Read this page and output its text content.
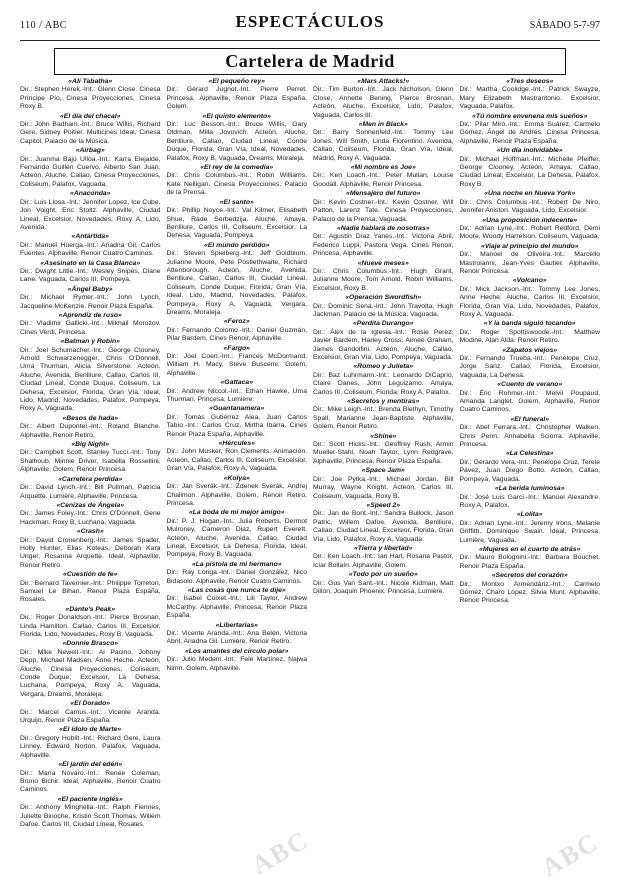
110 / ABC	ESPECTÁCULOS	SÁBADO 5-7-97
Cartelera de Madrid
«Ali Tabatha»
Dir.: Stephen Herek.-Int.: Glenn Close. Cinesa Príncipe Pío, Cinesa Proyecciones, Cinesa Roxy B.
«El día del chacal»
Dir.: John Badham.-Int.: Bruce Willis, Richard Gere, Sidney Poitier. Multicines Ideal, Cinesa Capitol, Palacio de la Música.
«Airbag»
Dir.: Juanma Bajo Ulloa.-Int.: Karra Elejalde, Fernando Guillén Cuervo, Alberto San Juan. Acteón, Aluche, Callao, Cinesa Proyecciones, Coliseum, Palafox, Vaguada.
«Anaconda»
Dir.: Luis Llosa.-Int.: Jennifer Lopez, Ice Cube, Jon Voight, Eric Stoltz. Alphaville, Ciudad Lineal, Excelsior, Novedades, Roxy A, Lido, Avenida.
«Antártida»
Dir.: Manuel Huerga.-Int.: Ariadna Gil, Carlos Fuentes. Alphaville, Renoir Cuatro Caminos.
«Asesinato en la Casa Blanca»
Dir.: Dwight Little.-Int.: Wesley Snipes, Diane Lane. Vaguada, Carlos III, Pompeya.
«Ángel Baby»
Dir.: Michael Rymer.-Int.: John Lynch, Jacqueline McKenzie. Renoir Plaza España.
«Aprendiz de ruso»
Dir.: Vladimir Gallicki.-Int.: Mikhail Morozov. Cines Verdi, Princesa.
«Batman y Robin»
Dir.: Joel Schumacher.-Int.: George Clooney, Arnold Schwarzenegger, Chris O'Donnell, Uma Thurman, Alicia Silverstone. Acteón, Aluche, Avenida, Benlliure, Callao, Carlos III, Ciudad Lineal, Conde Duque, Coliseum, La Dehesa, Excelsior, Florida, Gran Vía, Ideal, Lido, Madrid, Novedades, Palafox, Pompeya, Roxy A, Vaguada.
«Besos de hada»
Dir.: Albert Dupontel.-Int.: Roland Blanche. Alphaville, Renoir Retiro.
«Big Night»
Dir.: Campbell Scott, Stanley Tucci.-Int.: Tony Shalhoub, Minnie Driver, Isabella Rossellini. Alphaville, Golem, Renoir Princesa.
«Carretera perdida»
Dir.: David Lynch.-Int.: Bill Pullman, Patricia Arquette. Lumière, Alphaville, Princesa.
«Cenizas de Ángela»
Dir.: James Foley.-Int.: Chris O'Donnell, Gene Hackman. Roxy B, Luchana, Vaguada.
«Crash»
Dir.: David Cronenberg.-Int.: James Spader, Holly Hunter, Elias Koteas, Deborah Kara Unger, Rosanna Arquette. Ideal, Alphaville, Renoir Retiro.
«Cuestión de fe»
Dir.: Bernard Tavernier.-Int.: Philippe Torreton, Samuel Le Bihan. Renoir Plaza España, Rosales.
«Dante's Peak»
Dir.: Roger Donaldson.-Int.: Pierce Brosnan, Linda Hamilton. Callao, Carlos III, Excelsior, Florida, Lido, Novedades, Roxy B, Vaguada.
«Donnie Brasco»
Dir.: Mike Newell.-Int.: Al Pacino, Johnny Depp, Michael Madsen, Anne Heche. Acteón, Aluche, Cinesa Proyecciones, Coliseum, Conde Duque, Excelsior, La Dehesa, Luchana, Pompeya, Roxy A, Vaguada, Vergara, Dreams, Moraleja.
«El Dorado»
Dir.: Marcel Camus.-Int.: Vicente Aranda. Urquijo, Renoir Plaza España.
«El ídolo de Marte»
Dir.: Gregory Hoblit.-Int.: Richard Gere, Laura Linney, Edward Norton. Palafox, Vaguada, Alphaville.
«El jardín del edén»
Dir.: María Novaro.-Int.: Renée Coleman, Bruno Bichir. Ideal, Alphaville, Renoir Cuatro Caminos.
«El paciente inglés»
Dir.: Anthony Minghella.-Int.: Ralph Fiennes, Juliette Binoche, Kristin Scott Thomas, Willem Dafoe. Carlos III, Ciudad Lineal, Rosales.
«El pequeño rey»
Dir.: Gérard Jugnot.-Int.: Pierre Perret. Princesa, Alphaville, Renoir Plaza España, Golem.
«El quinto elemento»
Dir.: Luc Besson.-Int.: Bruce Willis, Gary Oldman, Milla Jovovich. Acteón, Aluche, Benlliure, Callao, Ciudad Lineal, Conde Duque, Florida, Gran Vía, Ideal, Novedades, Palafox, Roxy B, Vaguada, Dreams, Moraleja.
«El rey de la comedia»
Dir.: Chris Columbus.-Int.: Robin Williams, Kate Nelligan. Cinesa Proyecciones, Palacio de la Prensa.
«El santo»
Dir.: Phillip Noyce.-Int.: Val Kilmer, Elisabeth Shue, Rade Serbedzija. Aluche, Amaya, Benlliure, Carlos III, Coliseum, Excelsior, La Dehesa, Vaguada, Pompeya.
«El mundo perdido»
Dir.: Steven Spielberg.-Int.: Jeff Goldblum, Julianne Moore, Pete Postlethwaite, Richard Attenborough. Acteón, Aluche, Avenida, Benlliure, Callao, Carlos III, Ciudad Lineal, Coliseum, Conde Duque, Florida, Gran Vía, Ideal, Lido, Madrid, Novedades, Palafox, Pompeya, Roxy A, Vaguada, Vergara, Dreams, Moraleja.
«Feroz»
Dir.: Fernando Colomo.-Int.: Daniel Guzmán, Pilar Bardem. Cines Renoir, Alphaville.
«Fargo»
Dir.: Joel Coen.-Int.: Frances McDormand, William H. Macy, Steve Buscemi. Golem, Alphaville.
«Gattaca»
Dir.: Andrew Niccol.-Int.: Ethan Hawke, Uma Thurman. Princesa, Lumière.
«Guantanamera»
Dir.: Tomás Gutiérrez Alea, Juan Carlos Tabío.-Int.: Carlos Cruz, Mirtha Ibarra. Cines Renoir Plaza España, Alphaville.
«Hércules»
Dir.: John Musker, Ron Clements. Animación. Acteón, Callao, Carlos III, Coliseum, Excelsior, Gran Vía, Palafox, Roxy A, Vaguada.
«Kolya»
Dir.: Jan Sverák.-Int.: Zdenek Sverák, Andrej Chalimon. Alphaville, Golem, Renoir Retiro, Princesa.
«La boda de mi mejor amigo»
Dir.: P. J. Hogan.-Int.: Julia Roberts, Dermot Mulroney, Cameron Diaz, Rupert Everett. Acteón, Aluche, Avenida, Callao, Ciudad Lineal, Excelsior, La Dehesa, Florida, Ideal, Pompeya, Roxy B, Vaguada.
«La pistola de mi hermano»
Dir.: Ray Loriga.-Int.: Daniel González, Nico Bidasolo. Alphaville, Renoir Cuatro Caminos.
«Las cosas que nunca te dije»
Dir.: Isabel Coixet.-Int.: Lili Taylor, Andrew McCarthy. Alphaville, Princesa, Renoir Plaza España.
«Libertarias»
Dir.: Vicente Aranda.-Int.: Ana Belén, Victoria Abril, Ariadna Gil. Lumière, Renoir Retiro.
«Los amantes del círculo polar»
Dir.: Julio Medem.-Int.: Fele Martínez, Najwa Nimri. Golem, Alphaville.
«Mars Attacks!»
Dir.: Tim Burton.-Int.: Jack Nicholson, Glenn Close, Annette Bening, Pierce Brosnan. Acteón, Aluche, Excelsior, Lido, Palafox, Vaguada, Carlos III.
«Men in Black»
Dir.: Barry Sonnenfeld.-Int.: Tommy Lee Jones, Will Smith, Linda Fiorentino. Avenida, Callao, Coliseum, Florida, Gran Vía, Ideal, Madrid, Roxy A, Vaguada.
«Mi nombre es Joe»
Dir.: Ken Loach.-Int.: Peter Mullan, Louise Goodall. Alphaville, Renoir Princesa.
«Mensajero del futuro»
Dir.: Kevin Costner.-Int.: Kevin Costner, Will Patton, Larenz Tate. Cinesa Proyecciones, Palacio de la Prensa, Vaguada.
«Nadie hablará de nosotras»
Dir.: Agustín Díaz Yanes.-Int.: Victoria Abril, Federico Luppi, Pastora Vega. Cines Renoir, Princesa, Alphaville.
«Nueve meses»
Dir.: Chris Columbus.-Int.: Hugh Grant, Julianne Moore, Tom Arnold, Robin Williams. Excelsior, Roxy B.
«Operación Swordfish»
Dir.: Dominic Sena.-Int.: John Travolta, Hugh Jackman. Palacio de la Música, Vaguada.
«Perdita Durango»
Dir.: Álex de la Iglesia.-Int.: Rosie Perez, Javier Bardem, Harley Cross, Aimee Graham, James Gandolfini. Acteón, Aluche, Callao, Excelsior, Gran Vía, Lido, Pompeya, Vaguada.
«Romeo y Julieta»
Dir.: Baz Luhrmann.-Int.: Leonardo DiCaprio, Claire Danes, John Leguizamo. Amaya, Carlos III, Coliseum, Florida, Roxy A, Palafox.
«Secretos y mentiras»
Dir.: Mike Leigh.-Int.: Brenda Blethyn, Timothy Spall, Marianne Jean-Baptiste. Alphaville, Golem, Renoir Retiro.
«Shine»
Dir.: Scott Hicks.-Int.: Geoffrey Rush, Armin Mueller-Stahl, Noah Taylor, Lynn Redgrave. Alphaville, Princesa, Renoir Plaza España.
«Space Jam»
Dir.: Joe Pytka.-Int.: Michael Jordan, Bill Murray, Wayne Knight. Acteón, Carlos III, Coliseum, Vaguada, Roxy B.
«Speed 2»
Dir.: Jan de Bont.-Int.: Sandra Bullock, Jason Patric, Willem Dafoe. Avenida, Benlliure, Callao, Ciudad Lineal, Excelsior, Florida, Gran Vía, Lido, Palafox, Roxy A, Vaguada.
«Tierra y libertad»
Dir.: Ken Loach.-Int.: Ian Hart, Rosana Pastor, Icíar Bollaín. Alphaville, Golem.
«Todo por un sueño»
Dir.: Gus Van Sant.-Int.: Nicole Kidman, Matt Dillon, Joaquin Phoenix. Princesa, Lumière.
«Tres deseos»
Dir.: Martha Coolidge.-Int.: Patrick Swayze, Mary Elizabeth Mastrantonio. Excelsior, Vaguada, Palafox.
«Tú nombre envenena mis sueños»
Dir.: Pilar Miró.-Int.: Emma Suárez, Carmelo Gómez, Ángel de Andrés. Cinesa Princesa, Alphaville, Renoir Plaza España.
«Un día inolvidable»
Dir.: Michael Hoffman.-Int.: Michelle Pfeiffer, George Clooney. Acteón, Amaya, Callao, Ciudad Lineal, Excelsior, La Dehesa, Palafox, Roxy B.
«Una noche en Nueva York»
Dir.: Chris Columbus.-Int.: Robert De Niro, Jennifer Aniston. Vaguada, Lido, Excelsior.
«Una proposición indecente»
Dir.: Adrian Lyne.-Int.: Robert Redford, Demi Moore, Woody Harrelson. Coliseum, Vaguada.
«Viaje al principio del mundo»
Dir.: Manoel de Oliveira.-Int.: Marcello Mastroianni, Jean-Yves Gautier. Alphaville, Renoir Princesa.
«Volcano»
Dir.: Mick Jackson.-Int.: Tommy Lee Jones, Anne Heche. Aluche, Carlos III, Excelsior, Florida, Gran Vía, Lido, Novedades, Palafox, Roxy A, Vaguada.
«Y la banda siguió tocando»
Dir.: Roger Spottiswoode.-Int.: Matthew Modine, Alan Alda. Renoir Retiro.
«Zapatos viejos»
Dir.: Fernando Trueba.-Int.: Penélope Cruz, Jorge Sanz. Callao, Florida, Excelsior, Vaguada, La Dehesa.
«Cuento de verano»
Dir.: Éric Rohmer.-Int.: Melvil Poupaud, Amanda Langlet. Golem, Alphaville, Renoir Cuatro Caminos.
«El funeral»
Dir.: Abel Ferrara.-Int.: Christopher Walken, Chris Penn, Annabella Sciorra. Alphaville, Princesa.
«La Celestina»
Dir.: Gerardo Vera.-Int.: Penélope Cruz, Terele Pávez, Juan Diego Botto. Acteón, Callao, Pompeya, Vaguada.
«La herida luminosa»
Dir.: José Luis Garci.-Int.: Manuel Alexandre. Roxy A, Palafox.
«Lolita»
Dir.: Adrian Lyne.-Int.: Jeremy Irons, Melanie Griffith, Dominique Swain. Ideal, Princesa, Lumière, Vaguada.
«Mujeres en el cuarto de atrás»
Dir.: Mauro Bolognini.-Int.: Barbara Bouchet. Renoir Plaza España.
«Secretos del corazón»
Dir.: Montxo Armendáriz.-Int.: Carmelo Gómez, Charo López, Silvia Munt. Alphaville, Renoir Princesa.
ABC	ABC
